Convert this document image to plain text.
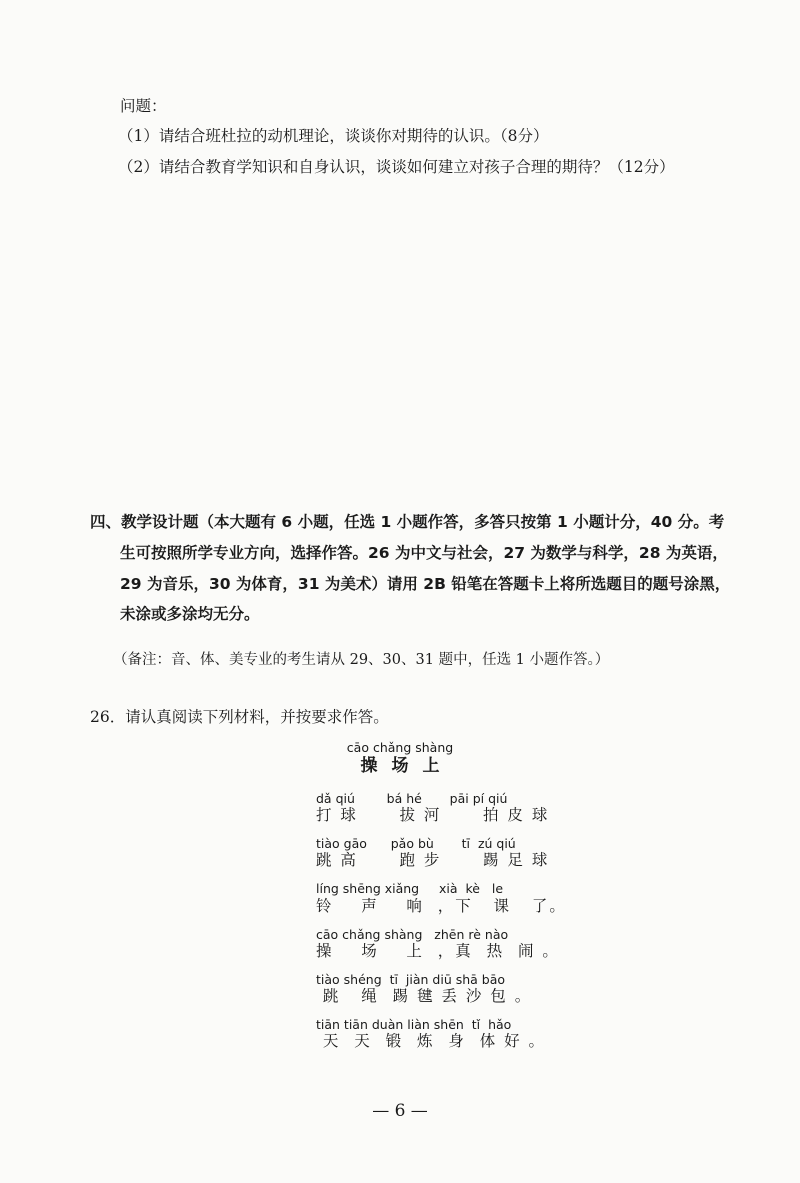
问题：
（1）请结合班杜拉的动机理论，谈谈你对期待的认识。（8分）
（2）请结合教育学知识和自身认识，谈谈如何建立对孩子合理的期待？（12分）
四、教学设计题（本大题有 6 小题，任选 1 小题作答，多答只按第 1 小题计分，40 分。考
生可按照所学专业方向，选择作答。26 为中文与社会，27 为数学与科学，28 为英语，
29 为音乐，30 为体育，31 为美术）请用 2B 铅笔在答题卡上将所选题目的题号涂黑，
未涂或多涂均无分。
（备注：音、体、美专业的考生请从 29、30、31 题中，任选 1 小题作答。）
26．请认真阅读下列材料，并按要求作答。
cāo chǎng shàng
操场上
dǎ qiú        bá hé       pāi pí qiú
打 球      拔 河      拍 皮 球
tiào gāo      pǎo bù       tī  zú qiú
跳 高      跑 步      踢 足 球
líng shēng xiǎng     xià  kè   le
铃    声    响  ，下   课   了。
cāo chǎng shàng   zhēn rè nào
操    场    上  ，真  热  闹 。
tiào shéng  tī  jiàn diū shā bāo
跳   绳  踢 毽 丢 沙 包 。
tiān tiān duàn liàn shēn  tǐ  hǎo
天  天  锻  炼  身  体 好 。
— 6 —
